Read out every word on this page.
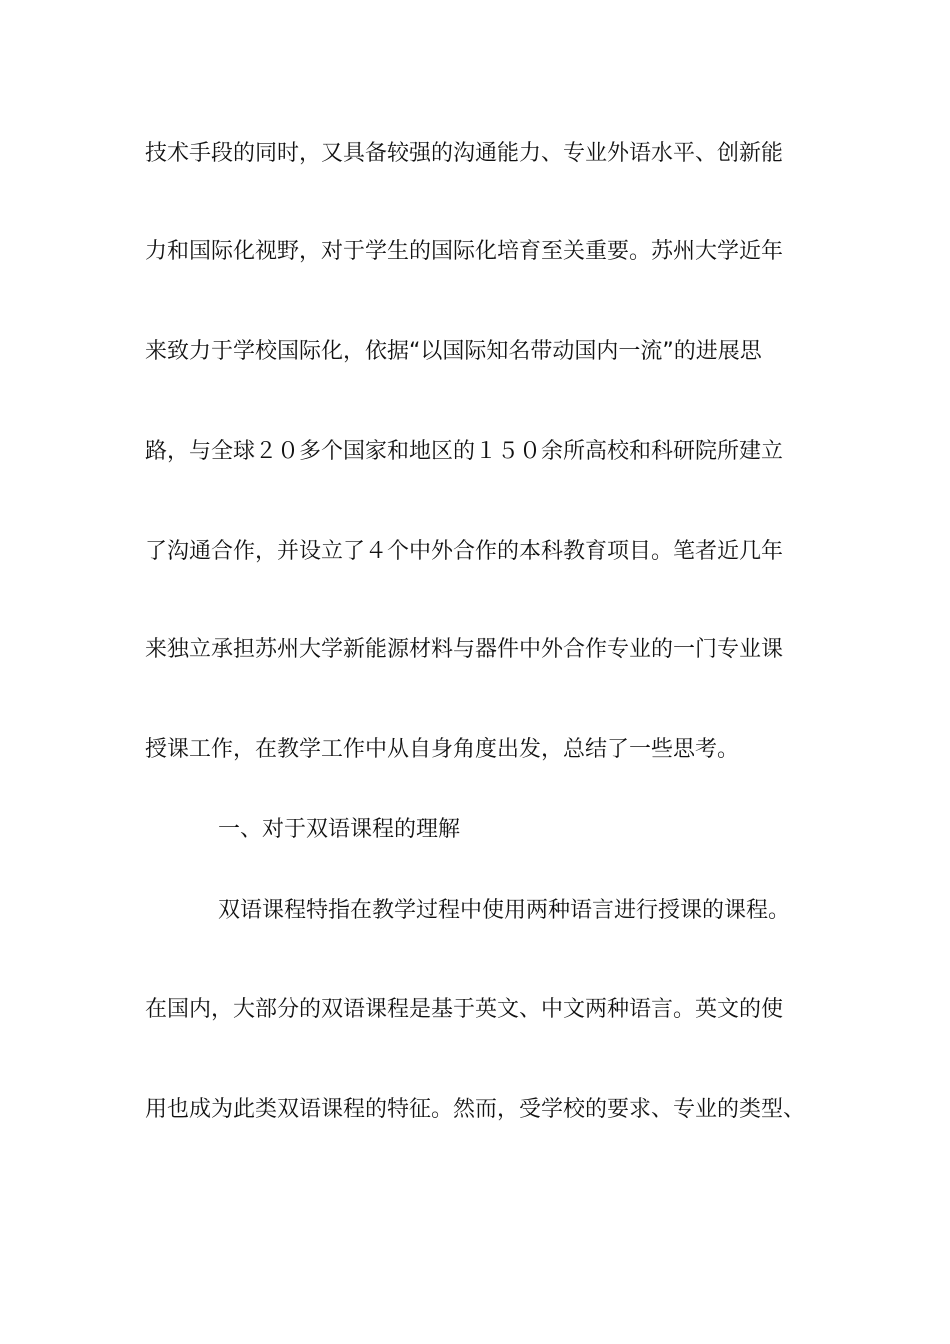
技术手段的同时，又具备较强的沟通能力、专业外语水平、创新能
力和国际化视野，对于学生的国际化培育至关重要。苏州大学近年
来致力于学校国际化，依据“以国际知名带动国内一流”的进展思
路，与全球２０多个国家和地区的１５０余所高校和科研院所建立
了沟通合作，并设立了４个中外合作的本科教育项目。笔者近几年
来独立承担苏州大学新能源材料与器件中外合作专业的一门专业课
授课工作，在教学工作中从自身角度出发，总结了一些思考。
一、对于双语课程的理解
双语课程特指在教学过程中使用两种语言进行授课的课程。
在国内，大部分的双语课程是基于英文、中文两种语言。英文的使
用也成为此类双语课程的特征。然而，受学校的要求、专业的类型、
